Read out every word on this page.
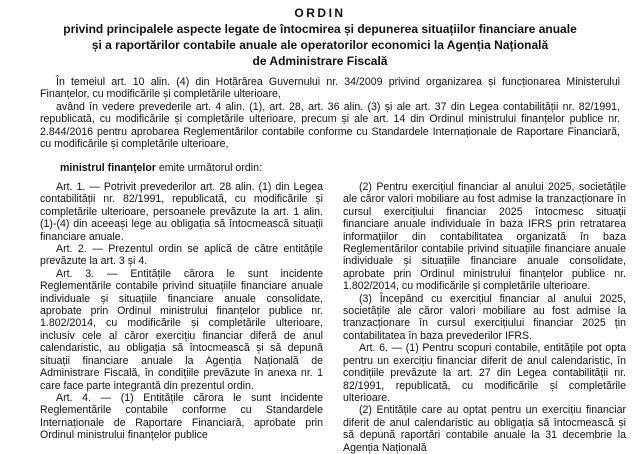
ORDIN
privind principalele aspecte legate de întocmirea și depunerea situațiilor financiare anuale
și a raportărilor contabile anuale ale operatorilor economici la Agenția Națională
de Administrare Fiscală

În temeiul art. 10 alin. (4) din Hotărârea Guvernului nr. 34/2009 privind organizarea și funcționarea Ministerului Finanțelor, cu modificările și completările ulterioare,

având în vedere prevederile art. 4 alin. (1), art. 28, art. 36 alin. (3) și ale art. 37 din Legea contabilității nr. 82/1991, republicată, cu modificările și completările ulterioare, precum și ale art. 14 din Ordinul ministrului finanțelor publice nr. 2.844/2016 pentru aprobarea Reglementărilor contabile conforme cu Standardele Internaționale de Raportare Financiară, cu modificările și completările ulterioare,

ministrul finanțelor emite următorul ordin:

Art. 1. — Potrivit prevederilor art. 28 alin. (1) din Legea contabilității nr. 82/1991, republicată, cu modificările și completările ulterioare, persoanele prevăzute la art. 1 alin. (1)-(4) din aceeași lege au obligația să întocmească situații financiare anuale.

Art. 2. — Prezentul ordin se aplică de către entitățile prevăzute la art. 3 și 4.

Art. 3. — Entitățile cărora le sunt incidente Reglementările contabile privind situațiile financiare anuale individuale și situațiile financiare anuale consolidate, aprobate prin Ordinul ministrului finanțelor publice nr. 1.802/2014, cu modificările și completările ulterioare, inclusiv cele al căror exercițiu financiar diferă de anul calendaristic, au obligația să întocmească și să depună situații financiare anuale la Agenția Națională de Administrare Fiscală, în condițiile prevăzute în anexa nr. 1 care face parte integrantă din prezentul ordin.

Art. 4. — (1) Entitățile cărora le sunt incidente Reglementările contabile conforme cu Standardele Internaționale de Raportare Financiară, aprobate prin Ordinul ministrului finanțelor publice

(2) Pentru exercițiul financiar al anului 2025, societățile ale căror valori mobiliare au fost admise la tranzacționare în cursul exercițiului financiar 2025 întocmesc situații financiare anuale individuale în baza IFRS prin retratarea informațiilor din contabilitatea organizată în baza Reglementărilor contabile privind situațiile financiare anuale individuale și situațiile financiare anuale consolidate, aprobate prin Ordinul ministrului finanțelor publice nr. 1.802/2014, cu modificările și completările ulterioare.

(3) Începând cu exercițiul financiar al anului 2025, societățile ale căror valori mobiliare au fost admise la tranzacționare în cursul exercițiului financiar 2025 țin contabilitatea în baza prevederilor IFRS.

Art. 6. — (1) Pentru scopuri contabile, entitățile pot opta pentru un exercițiu financiar diferit de anul calendaristic, în condițiile prevăzute la art. 27 din Legea contabilității nr. 82/1991, republicată, cu modificările și completările ulterioare.

(2) Entitățile care au optat pentru un exercițiu financiar diferit de anul calendaristic au obligația să întocmească și să depună raportări contabile anuale la 31 decembrie la Agenția Națională
